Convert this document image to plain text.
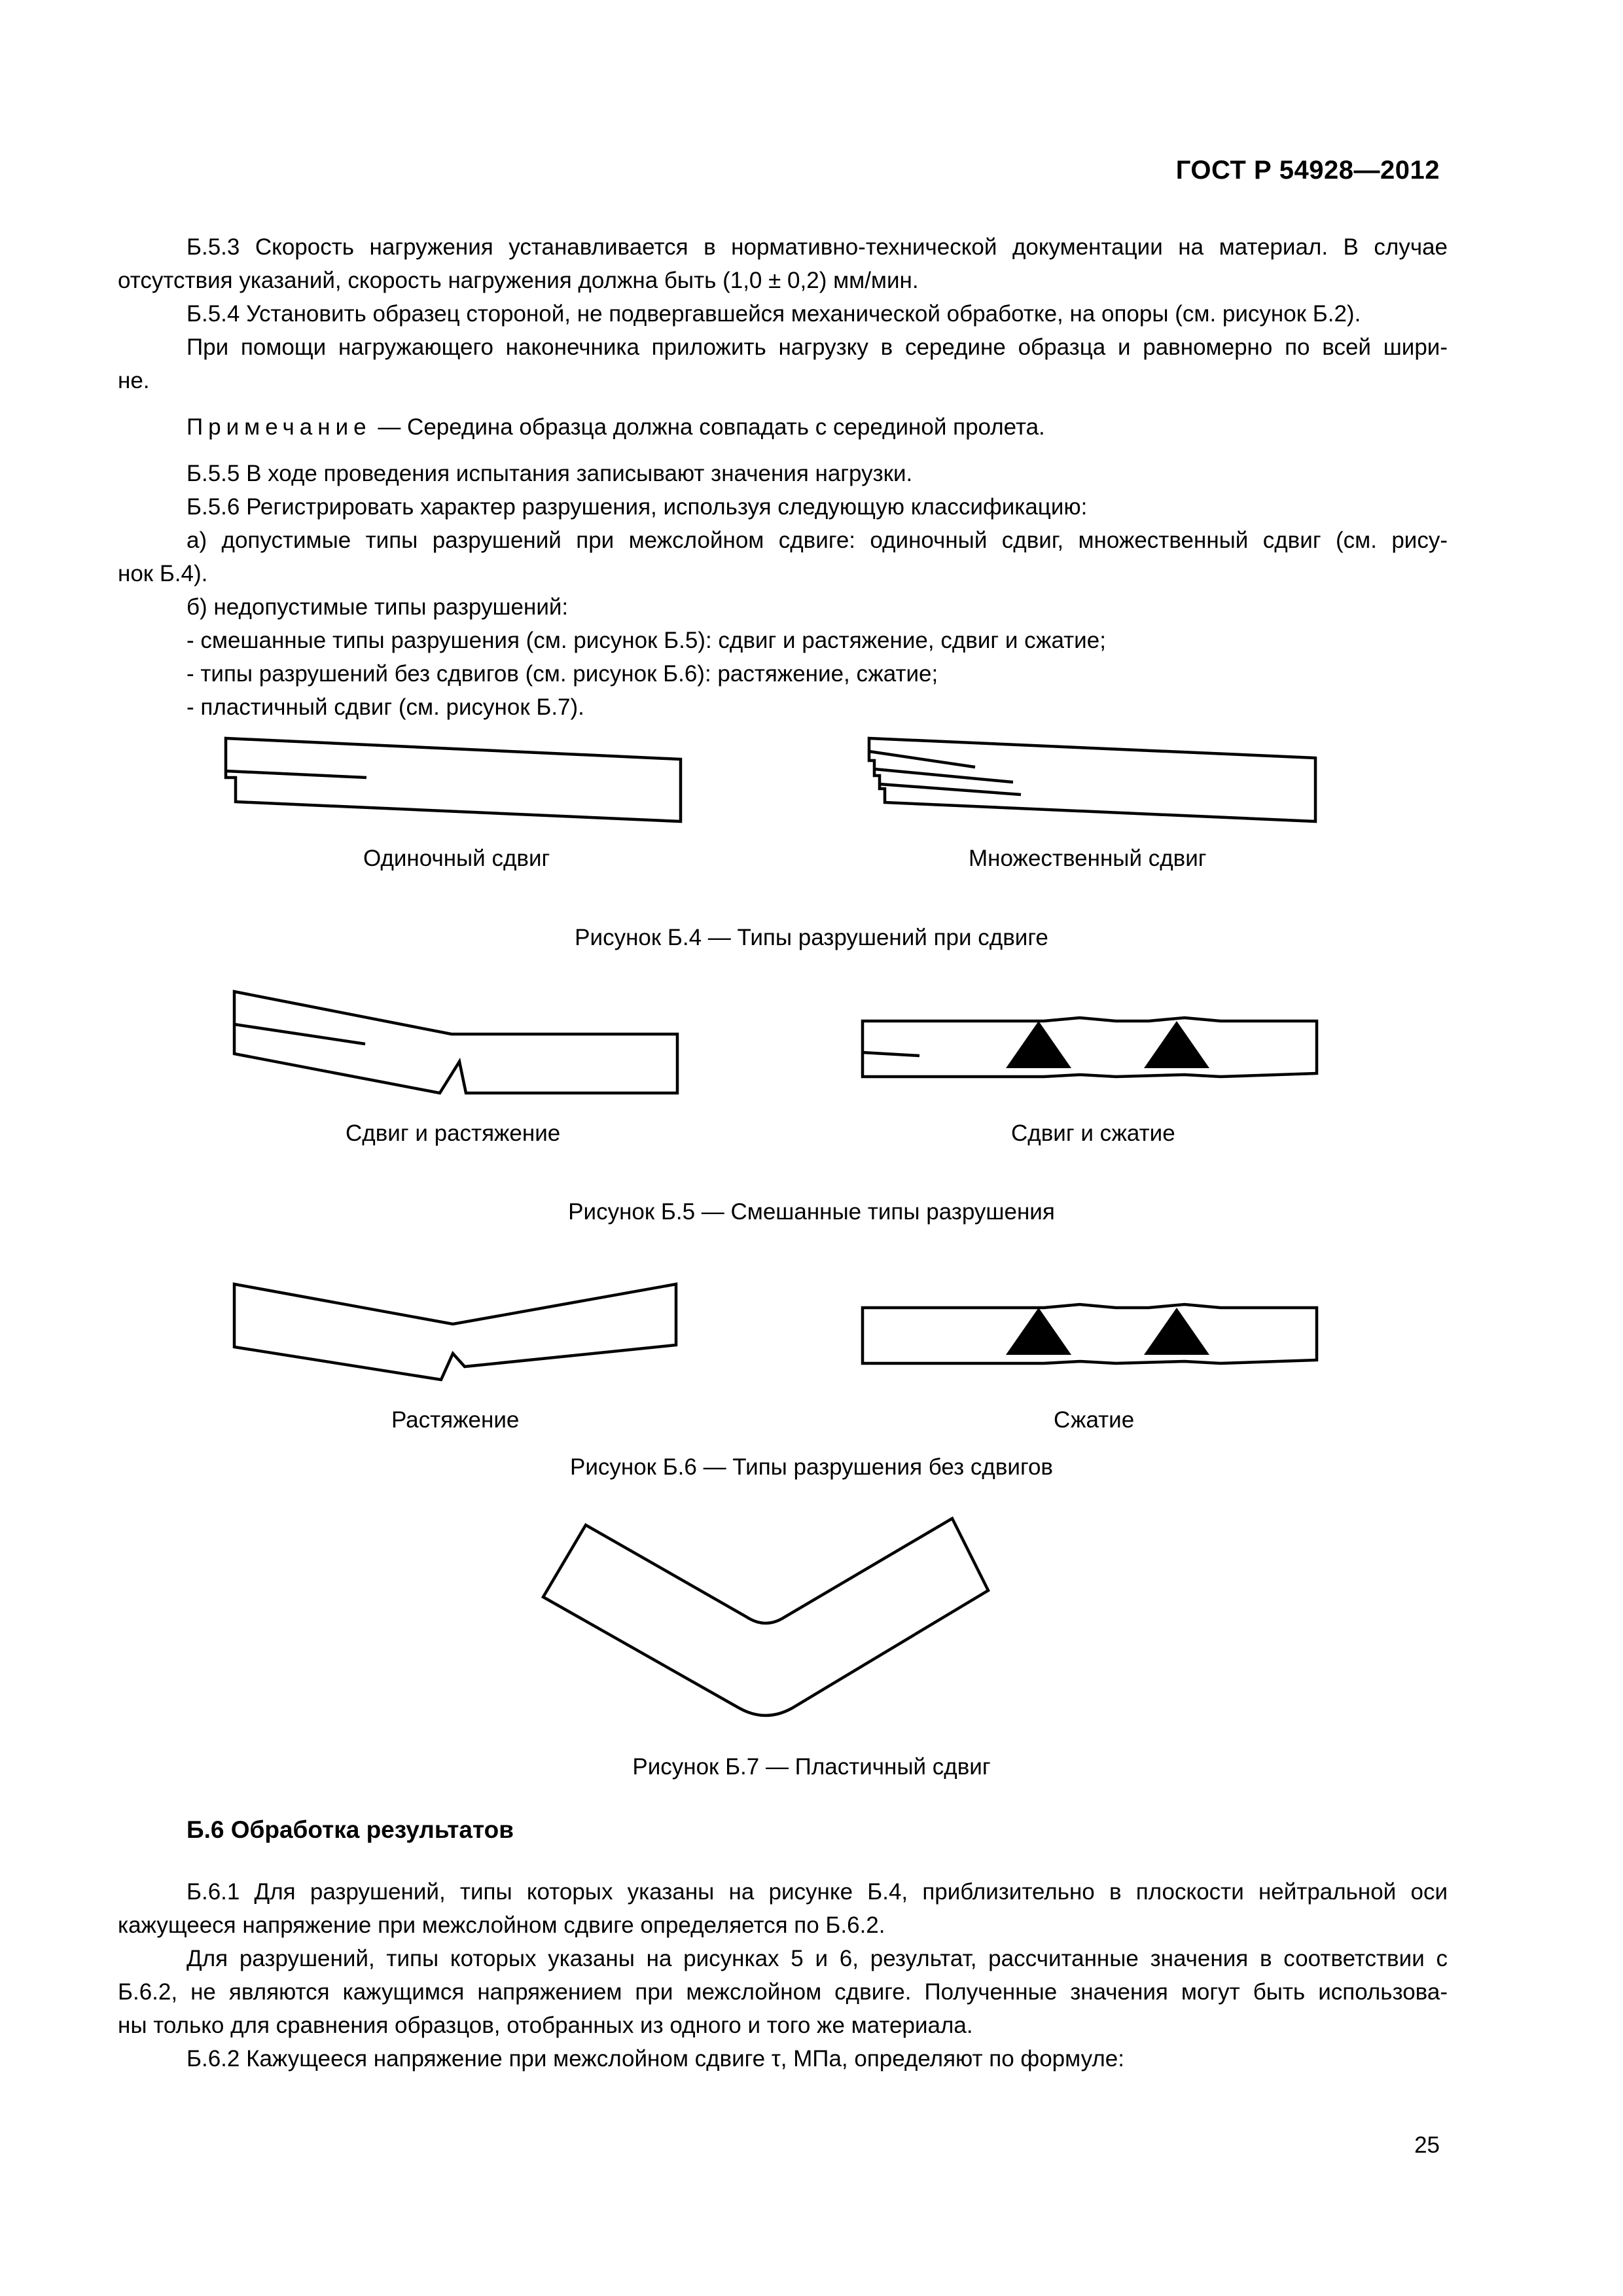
ГОСТ Р 54928—2012
Б.5.3 Скорость нагружения устанавливается в нормативно-технической документации на материал. В случае
отсутствия указаний, скорость нагружения должна быть (1,0 ± 0,2) мм/мин.
Б.5.4 Установить образец стороной, не подвергавшейся механической обработке, на опоры (см. рисунок Б.2).
При помощи нагружающего наконечника приложить нагрузку в середине образца и равномерно по всей шири-
не.
Примечание — Середина образца должна совпадать с серединой пролета.
Б.5.5 В ходе проведения испытания записывают значения нагрузки.
Б.5.6 Регистрировать характер разрушения, используя следующую классификацию:
а) допустимые типы разрушений при межслойном сдвиге: одиночный сдвиг, множественный сдвиг (см. рису-
нок Б.4).
б) недопустимые типы разрушений:
- смешанные типы разрушения (см. рисунок Б.5): сдвиг и растяжение, сдвиг и сжатие;
- типы разрушений без сдвигов (см. рисунок Б.6): растяжение, сжатие;
- пластичный сдвиг (см. рисунок Б.7).
Одиночный сдвиг	Множественный сдвиг
Рисунок Б.4 — Типы разрушений при сдвиге
Сдвиг и растяжение	Сдвиг и сжатие
Рисунок Б.5 — Смешанные типы разрушения
Растяжение	Сжатие
Рисунок Б.6 — Типы разрушения без сдвигов
Рисунок Б.7 — Пластичный сдвиг
Б.6 Обработка результатов
Б.6.1 Для разрушений, типы которых указаны на рисунке Б.4, приблизительно в плоскости нейтральной оси
кажущееся напряжение при межслойном сдвиге определяется по Б.6.2.
Для разрушений, типы которых указаны на рисунках 5 и 6, результат, рассчитанные значения в соответствии с
Б.6.2, не являются кажущимся напряжением при межслойном сдвиге. Полученные значения могут быть использова-
ны только для сравнения образцов, отобранных из одного и того же материала.
Б.6.2 Кажущееся напряжение при межслойном сдвиге τ, МПа, определяют по формуле:
25
